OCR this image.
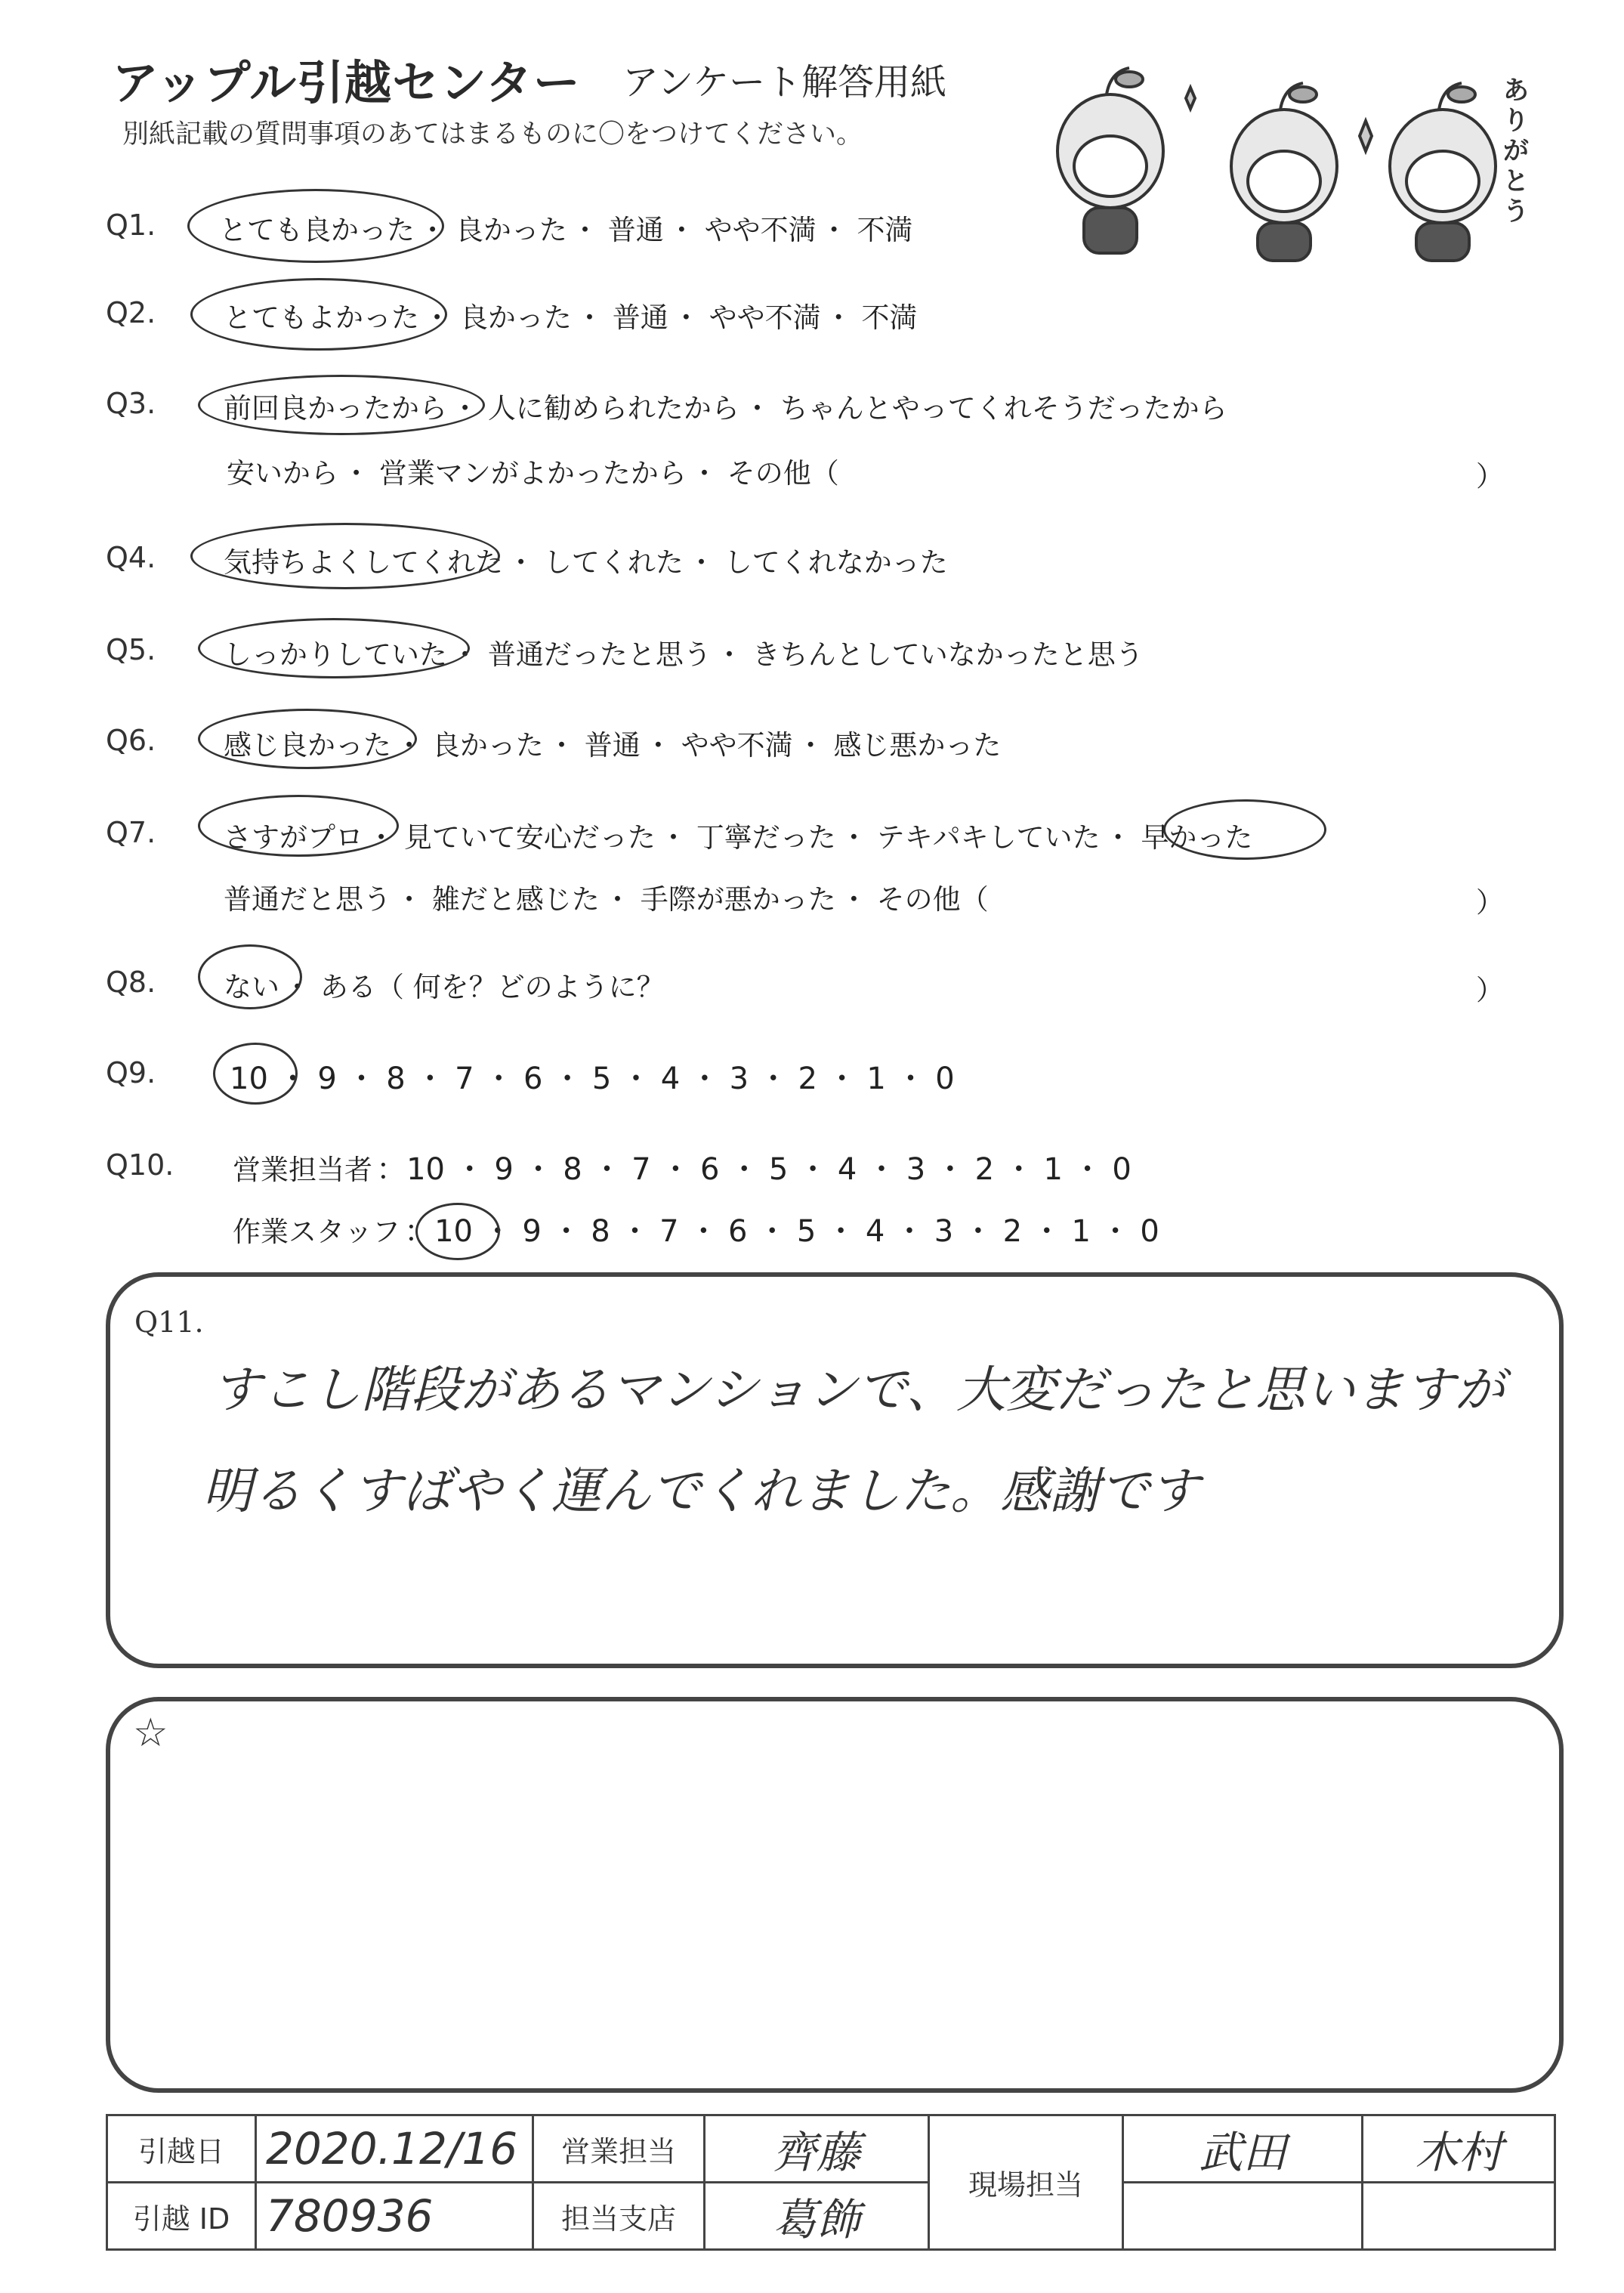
アップル引越センター アンケート解答用紙
別紙記載の質問事項のあてはまるものに〇をつけてください。
ありがとう
Q1. とても良かった ・ 良かった ・ 普通 ・ やや不満 ・ 不満
Q2. とてもよかった ・ 良かった ・ 普通 ・ やや不満 ・ 不満
Q3. 前回良かったから ・ 人に勧められたから ・ ちゃんとやってくれそうだったから
安いから ・ 営業マンがよかったから ・ その他（	）
Q4. 気持ちよくしてくれた ・ してくれた ・ してくれなかった
Q5. しっかりしていた ・ 普通だったと思う ・ きちんとしていなかったと思う
Q6. 感じ良かった ・ 良かった ・ 普通 ・ やや不満 ・ 感じ悪かった
Q7. さすがプロ ・ 見ていて安心だった ・ 丁寧だった ・ テキパキしていた ・ 早かった
普通だと思う ・ 雑だと感じた ・ 手際が悪かった ・ その他（	）
Q8. ない ・ ある（ 何を？どのように？	）
Q9. 10 ・ 9 ・ 8 ・ 7 ・ 6 ・ 5 ・ 4 ・ 3 ・ 2 ・ 1 ・ 0
Q10. 営業担当者 ：10 ・ 9 ・ 8 ・ 7 ・ 6 ・ 5 ・ 4 ・ 3 ・ 2 ・ 1 ・ 0
作業スタッフ ：10 ・ 9 ・ 8 ・ 7 ・ 6 ・ 5 ・ 4 ・ 3 ・ 2 ・ 1 ・ 0
Q11.
すこし階段があるマンションで、大変だったと思いますが
明るくすばやく運んでくれました。感謝です
☆
引越日	2020.12/16	営業担当	齊藤	現場担当	武田	木村
引越 ID	780936	担当支店	葛飾			
